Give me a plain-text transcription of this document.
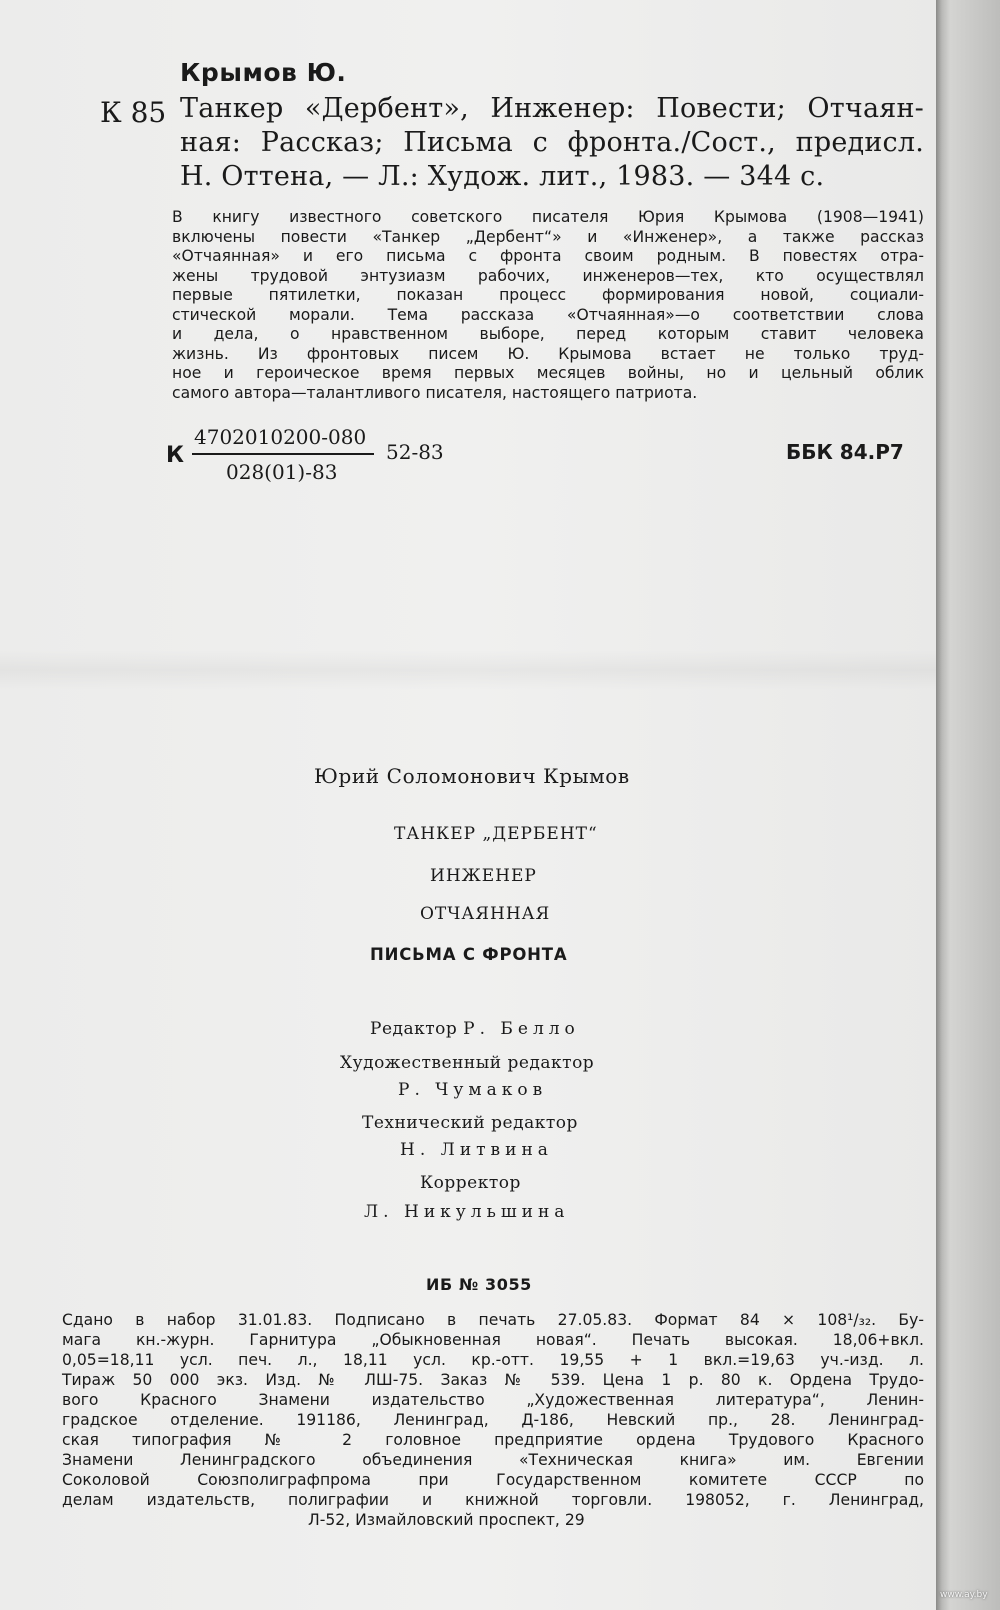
Крымов Ю.
К 85 Танкер «Дербент», Инженер: Повести; Отчаян-
ная: Рассказ; Письма с фронта./Сост., предисл.
Н. Оттена, — Л.: Худож. лит., 1983. — 344 с.
В книгу известного советского писателя Юрия Крымова (1908—1941)
включены повести «Танкер „Дербент“» и «Инженер», а также рассказ
«Отчаянная» и его письма с фронта своим родным. В повестях отра-
жены трудовой энтузиазм рабочих, инженеров—тех, кто осуществлял
первые пятилетки, показан процесс формирования новой, социали-
стической морали. Тема рассказа «Отчаянная»—о соответствии слова
и дела, о нравственном выборе, перед которым ставит человека
жизнь. Из фронтовых писем Ю. Крымова встает не только труд-
ное и героическое время первых месяцев войны, но и цельный облик
самого автора—талантливого писателя, настоящего патриота.
К
4702010200-080
028(01)-83
52-83	ББК 84.Р7
Юрий Соломонович Крымов
ТАНКЕР „ДЕРБЕНТ“
ИНЖЕНЕР
ОТЧАЯННАЯ
ПИСЬМА С ФРОНТА
Редактор Р. Белло
Художественный редактор
Р. Чумаков
Технический редактор
Н. Литвина
Корректор
Л. Никульшина
ИБ № 3055
Сдано в набор 31.01.83. Подписано в печать 27.05.83. Формат 84 × 108¹/₃₂. Бу-
мага кн.-журн. Гарнитура „Обыкновенная новая“. Печать высокая. 18,06+вкл.
0,05=18,11 усл. печ. л., 18,11 усл. кр.-отт. 19,55 + 1 вкл.=19,63 уч.-изд. л.
Тираж 50 000 экз. Изд. № ЛШ-75. Заказ № 539. Цена 1 р. 80 к. Ордена Трудо-
вого Красного Знамени издательство „Художественная литература“, Ленин-
градское отделение. 191186, Ленинград, Д-186, Невский пр., 28. Ленинград-
ская типография № 2 головное предприятие ордена Трудового Красного
Знамени Ленинградского объединения «Техническая книга» им. Евгении
Соколовой Союзполиграфпрома при Государственном комитете СССР по
делам издательств, полиграфии и книжной торговли. 198052, г. Ленинград,
Л-52, Измайловский проспект, 29
www.ay.by
